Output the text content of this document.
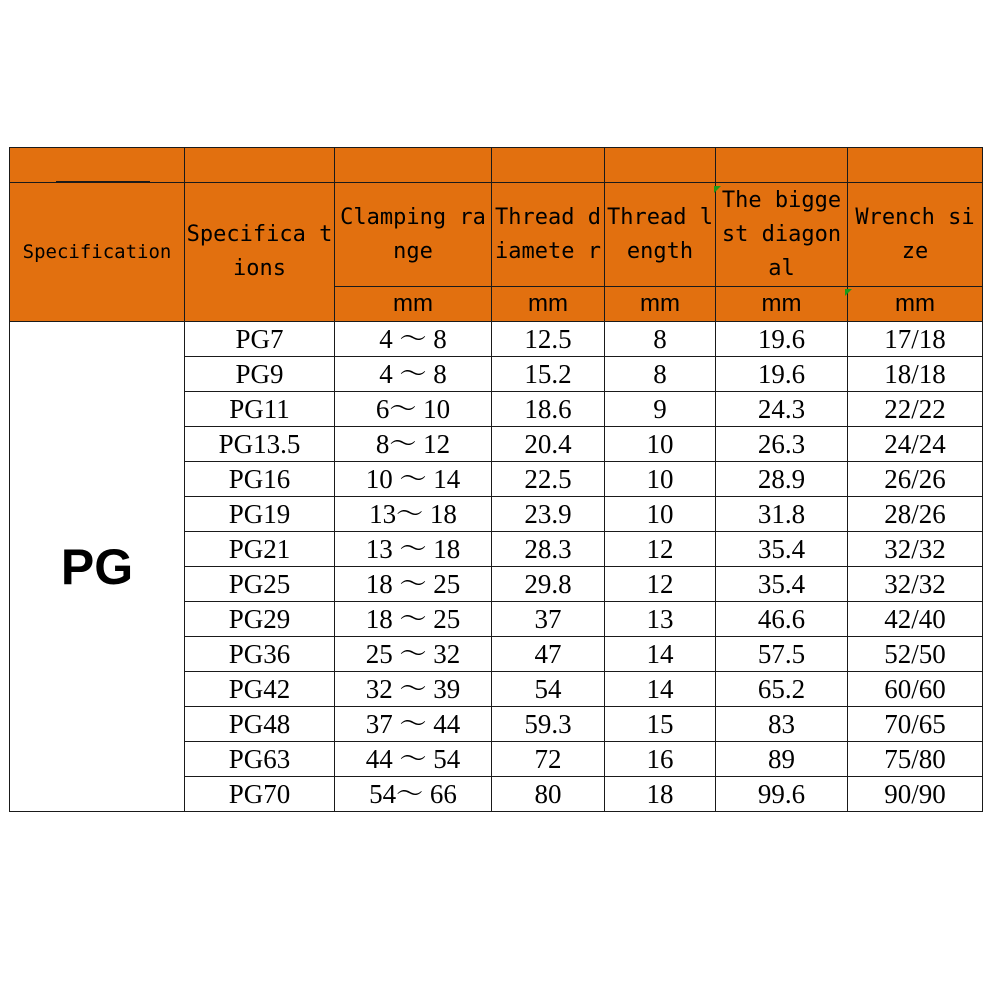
Specification	Specifica tions	Clamping ra nge	Thread diamete r	Thread length	The biggest diagonal	Wrench si ze
		mm	mm	mm	mm	mm
PG	PG7	4 ～ 8	12.5	8	19.6	17/18
	PG9	4 ～ 8	15.2	8	19.6	18/18
	PG11	6～ 10	18.6	9	24.3	22/22
	PG13.5	8～ 12	20.4	10	26.3	24/24
	PG16	10 ～ 14	22.5	10	28.9	26/26
	PG19	13～ 18	23.9	10	31.8	28/26
	PG21	13 ～ 18	28.3	12	35.4	32/32
	PG25	18 ～ 25	29.8	12	35.4	32/32
	PG29	18 ～ 25	37	13	46.6	42/40
	PG36	25 ～ 32	47	14	57.5	52/50
	PG42	32 ～ 39	54	14	65.2	60/60
	PG48	37 ～ 44	59.3	15	83	70/65
	PG63	44 ～ 54	72	16	89	75/80
	PG70	54～ 66	80	18	99.6	90/90
